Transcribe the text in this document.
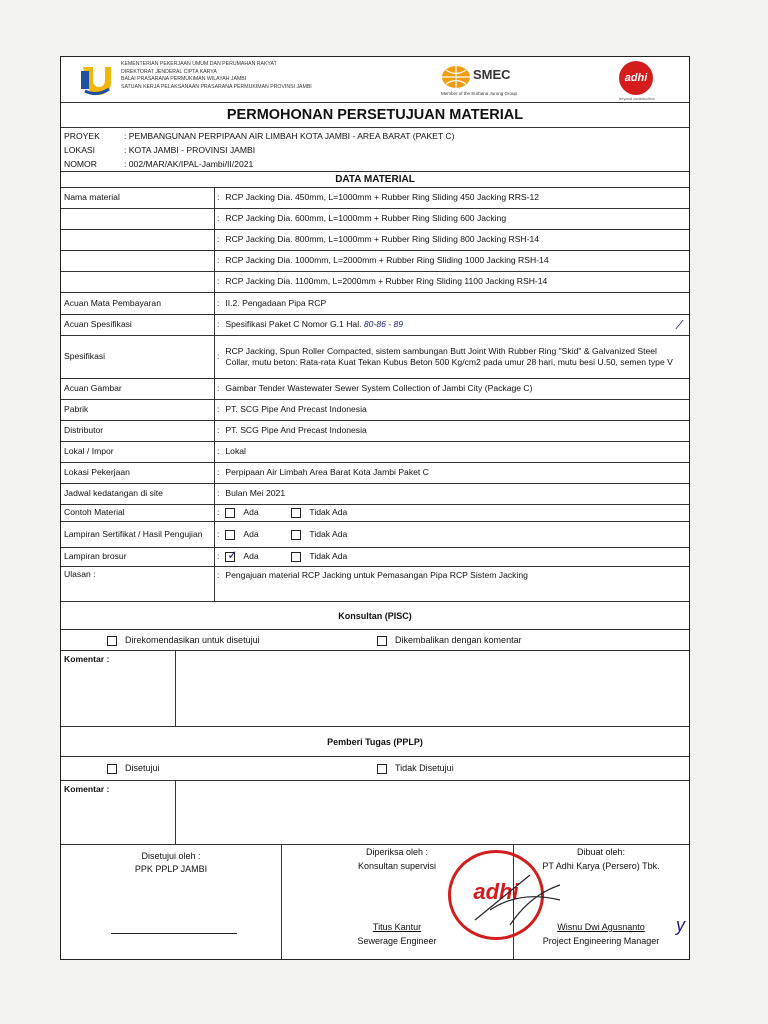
KEMENTERIAN PEKERJAAN UMUM DAN PERUMAHAN RAKYAT
DIREKTORAT JENDERAL CIPTA KARYA
BALAI PRASARANA PERMUKIMAN WILAYAH JAMBI
SATUAN KERJA PELAKSANAAN PRASARANA PERMUKIMAN PROVINSI JAMBI
SMEC
Member of the Surbana Jurong Group
adhi
beyond construction
PERMOHONAN PERSETUJUAN MATERIAL
PROYEK	: PEMBANGUNAN PERPIPAAN AIR LIMBAH KOTA JAMBI - AREA BARAT (PAKET C)
LOKASI	: KOTA JAMBI - PROVINSI JAMBI
NOMOR	: 002/MAR/AK/IPAL-Jambi/II/2021
DATA MATERIAL
Nama material	: RCP Jacking Dia. 450mm, L=1000mm + Rubber Ring Sliding 450 Jacking RRS-12
: RCP Jacking Dia. 600mm, L=1000mm + Rubber Ring Sliding 600 Jacking
: RCP Jacking Dia. 800mm, L=1000mm + Rubber Ring Sliding 800 Jacking RSH-14
: RCP Jacking Dia. 1000mm, L=2000mm + Rubber Ring Sliding 1000 Jacking RSH-14
: RCP Jacking Dia. 1100mm, L=2000mm + Rubber Ring Sliding 1100 Jacking RSH-14
Acuan Mata Pembayaran	: II.2. Pengadaan Pipa RCP
Acuan Spesifikasi	: Spesifikasi Paket C Nomor G.1 Hal.
80-86 - 89	⁄
Spesifikasi	:
RCP Jacking, Spun Roller Compacted, sistem sambungan Butt Joint With Rubber Ring "Skid" & Galvanized Steel Collar, mutu beton: Rata-rata Kuat Tekan Kubus Beton 500 Kg/cm2 pada umur 28 hari, mutu besi U.50, semen type V
Acuan Gambar	: Gambar Tender Wastewater Sewer System Collection of Jambi City (Package C)
Pabrik	: PT. SCG Pipe And Precast Indonesia
Distributor	: PT. SCG Pipe And Precast Indonesia
Lokal / Impor	: Lokal
Lokasi Pekerjaan	: Perpipaan Air Limbah Area Barat Kota Jambi Paket C
Jadwal kedatangan di site	: Bulan Mei 2021
Contoh Material	:	Ada	Tidak Ada
Lampiran Sertifikat / Hasil Pengujian	:	Ada	Tidak Ada
Lampiran brosur	:
✓	Ada	Tidak Ada
Ulasan :	: Pengajuan material RCP Jacking untuk Pemasangan Pipa RCP Sistem Jacking
Konsultan (PISC)
Direkomendasikan untuk disetujui	Dikembalikan dengan komentar
Komentar :
Pemberi Tugas (PPLP)
Disetujui	Tidak Disetujui
Komentar :
Disetujui oleh :
PPK PPLP JAMBI
Diperiksa oleh :
Konsultan supervisi
Titus Kantur
Sewerage Engineer
Dibuat oleh:
PT Adhi Karya (Persero) Tbk.
Wisnu Dwi Agusnanto
Project Engineering Manager
adhi
y
